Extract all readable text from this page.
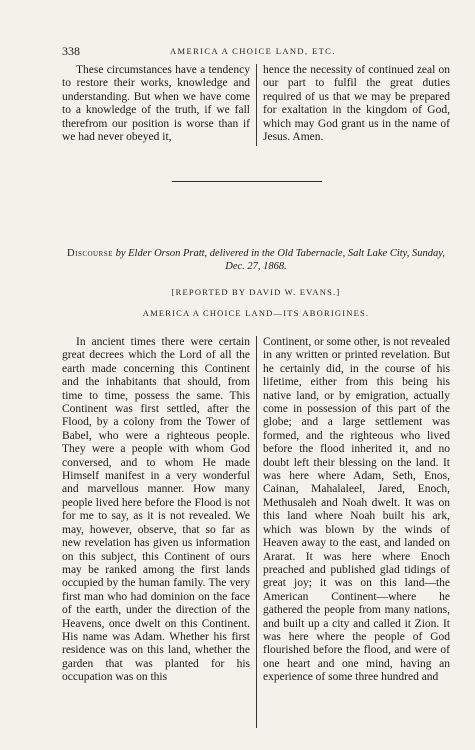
338	AMERICA A CHOICE LAND, ETC.

These circumstances have a tendency to restore their works, knowledge and understanding. But when we have come to a knowledge of the truth, if we fall therefrom our position is worse than if we had never obeyed it,

hence the necessity of continued zeal on our part to fulfil the great duties required of us that we may be prepared for exaltation in the kingdom of God, which may God grant us in the name of Jesus. Amen.

Discourse by Elder Orson Pratt, delivered in the Old Tabernacle, Salt Lake City, Sunday, Dec. 27, 1868.
[REPORTED BY DAVID W. EVANS.]
AMERICA A CHOICE LAND—ITS ABORIGINES.

In ancient times there were certain great decrees which the Lord of all the earth made concerning this Continent and the inhabitants that should, from time to time, possess the same. This Continent was first settled, after the Flood, by a colony from the Tower of Babel, who were a righteous people. They were a people with whom God conversed, and to whom He made Himself manifest in a very wonderful and marvellous manner. How many people lived here before the Flood is not for me to say, as it is not revealed. We may, however, observe, that so far as new revelation has given us information on this subject, this Continent of ours may be ranked among the first lands occupied by the human family. The very first man who had dominion on the face of the earth, under the direction of the Heavens, once dwelt on this Continent. His name was Adam. Whether his first residence was on this land, whether the garden that was planted for his occupation was on this

Continent, or some other, is not revealed in any written or printed revelation. But he certainly did, in the course of his lifetime, either from this being his native land, or by emigration, actually come in possession of this part of the globe; and a large settlement was formed, and the righteous who lived before the flood inherited it, and no doubt left their blessing on the land. It was here where Adam, Seth, Enos, Cainan, Mahalaleel, Jared, Enoch, Methusaleh and Noah dwelt. It was on this land where Noah built his ark, which was blown by the winds of Heaven away to the east, and landed on Ararat. It was here where Enoch preached and published glad tidings of great joy; it was on this land—the American Continent—where he gathered the people from many nations, and built up a city and called it Zion. It was here where the people of God flourished before the flood, and were of one heart and one mind, having an experience of some three hundred and
